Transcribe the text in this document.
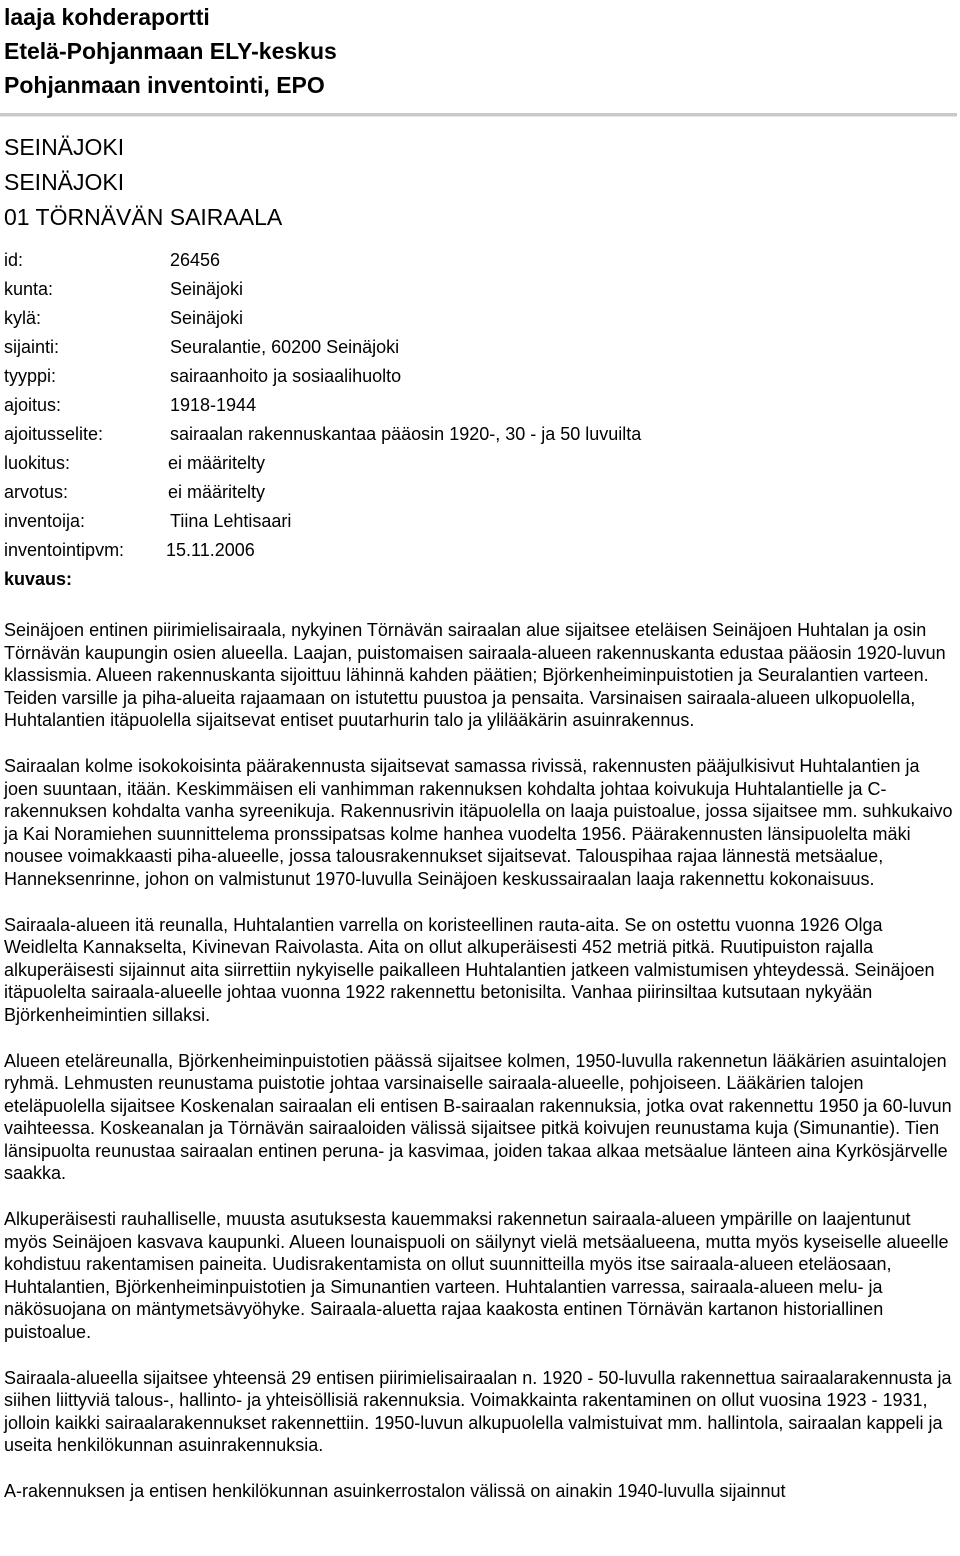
laaja kohderaportti
Etelä-Pohjanmaan ELY-keskus
Pohjanmaan inventointi, EPO
SEINÄJOKI
SEINÄJOKI
01 TÖRNÄVÄN SAIRAALA
id:	26456
kunta:	Seinäjoki
kylä:	Seinäjoki
sijainti:	Seuralantie, 60200 Seinäjoki
tyyppi:	sairaanhoito ja sosiaalihuolto
ajoitus:	1918-1944
ajoitusselite:	sairaalan rakennuskantaa pääosin 1920-, 30 - ja 50 luvuilta
luokitus:	ei määritelty
arvotus:	ei määritelty
inventoija:	Tiina Lehtisaari
inventointipvm: 15.11.2006
kuvaus:

Seinäjoen entinen piirimielisairaala, nykyinen Törnävän sairaalan alue sijaitsee eteläisen Seinäjoen Huhtalan ja osin Törnävän kaupungin osien alueella. Laajan, puistomaisen sairaala-alueen rakennuskanta edustaa pääosin 1920-luvun klassismia. Alueen rakennuskanta sijoittuu lähinnä kahden päätien; Björkenheiminpuistotien ja Seuralantien varteen. Teiden varsille ja piha-alueita rajaamaan on istutettu puustoa ja pensaita. Varsinaisen sairaala-alueen ulkopuolella, Huhtalantien itäpuolella sijaitsevat entiset puutarhurin talo ja ylilääkärin asuinrakennus.

Sairaalan kolme isokokoisinta päärakennusta sijaitsevat samassa rivissä, rakennusten pääjulkisivut Huhtalantien ja joen suuntaan, itään. Keskimmäisen eli vanhimman rakennuksen kohdalta johtaa koivukuja Huhtalantielle ja C-rakennuksen kohdalta vanha syreenikuja. Rakennusrivin itäpuolella on laaja puistoalue, jossa sijaitsee mm. suhkukaivo ja Kai Noramiehen suunnittelema pronssipatsas kolme hanhea vuodelta 1956. Päärakennusten länsipuolelta mäki nousee voimakkaasti piha-alueelle, jossa talousrakennukset sijaitsevat. Talouspihaa rajaa lännestä metsäalue, Hanneksenrinne, johon on valmistunut 1970-luvulla Seinäjoen keskussairaalan laaja rakennettu kokonaisuus.

Sairaala-alueen itä reunalla, Huhtalantien varrella on koristeellinen rauta-aita. Se on ostettu vuonna 1926 Olga Weidlelta Kannakselta, Kivinevan Raivolasta. Aita on ollut alkuperäisesti 452 metriä pitkä. Ruutipuiston rajalla alkuperäisesti sijainnut aita siirrettiin nykyiselle paikalleen Huhtalantien jatkeen valmistumisen yhteydessä. Seinäjoen itäpuolelta sairaala-alueelle johtaa vuonna 1922 rakennettu betonisilta. Vanhaa piirinsiltaa kutsutaan nykyään Björkenheimintien sillaksi.

Alueen eteläreunalla, Björkenheiminpuistotien päässä sijaitsee kolmen, 1950-luvulla rakennetun lääkärien asuintalojen ryhmä. Lehmusten reunustama puistotie johtaa varsinaiselle sairaala-alueelle, pohjoiseen. Lääkärien talojen eteläpuolella sijaitsee Koskenalan sairaalan eli entisen B-sairaalan rakennuksia, jotka ovat rakennettu 1950 ja 60-luvun vaihteessa. Koskeanalan ja Törnävän sairaaloiden välissä sijaitsee pitkä koivujen reunustama kuja (Simunantie). Tien länsipuolta reunustaa sairaalan entinen peruna- ja kasvimaa, joiden takaa alkaa metsäalue länteen aina Kyrkösjärvelle saakka.

Alkuperäisesti rauhalliselle, muusta asutuksesta kauemmaksi rakennetun sairaala-alueen ympärille on laajentunut myös Seinäjoen kasvava kaupunki. Alueen lounaispuoli on säilynyt vielä metsäalueena, mutta myös kyseiselle alueelle kohdistuu rakentamisen paineita. Uudisrakentamista on ollut suunnitteilla myös itse sairaala-alueen eteläosaan, Huhtalantien, Björkenheiminpuistotien ja Simunantien varteen. Huhtalantien varressa, sairaala-alueen melu- ja näkösuojana on mäntymetsävyöhyke. Sairaala-aluetta rajaa kaakosta entinen Törnävän kartanon historiallinen puistoalue.

Sairaala-alueella sijaitsee yhteensä 29 entisen piirimielisairaalan n. 1920 - 50-luvulla rakennettua sairaalarakennusta ja siihen liittyviä talous-, hallinto- ja yhteisöllisiä rakennuksia. Voimakkainta rakentaminen on ollut vuosina 1923 - 1931, jolloin kaikki sairaalarakennukset rakennettiin. 1950-luvun alkupuolella valmistuivat mm. hallintola, sairaalan kappeli ja useita henkilökunnan asuinrakennuksia.

A-rakennuksen ja entisen henkilökunnan asuinkerrostalon välissä on ainakin 1940-luvulla sijainnut
